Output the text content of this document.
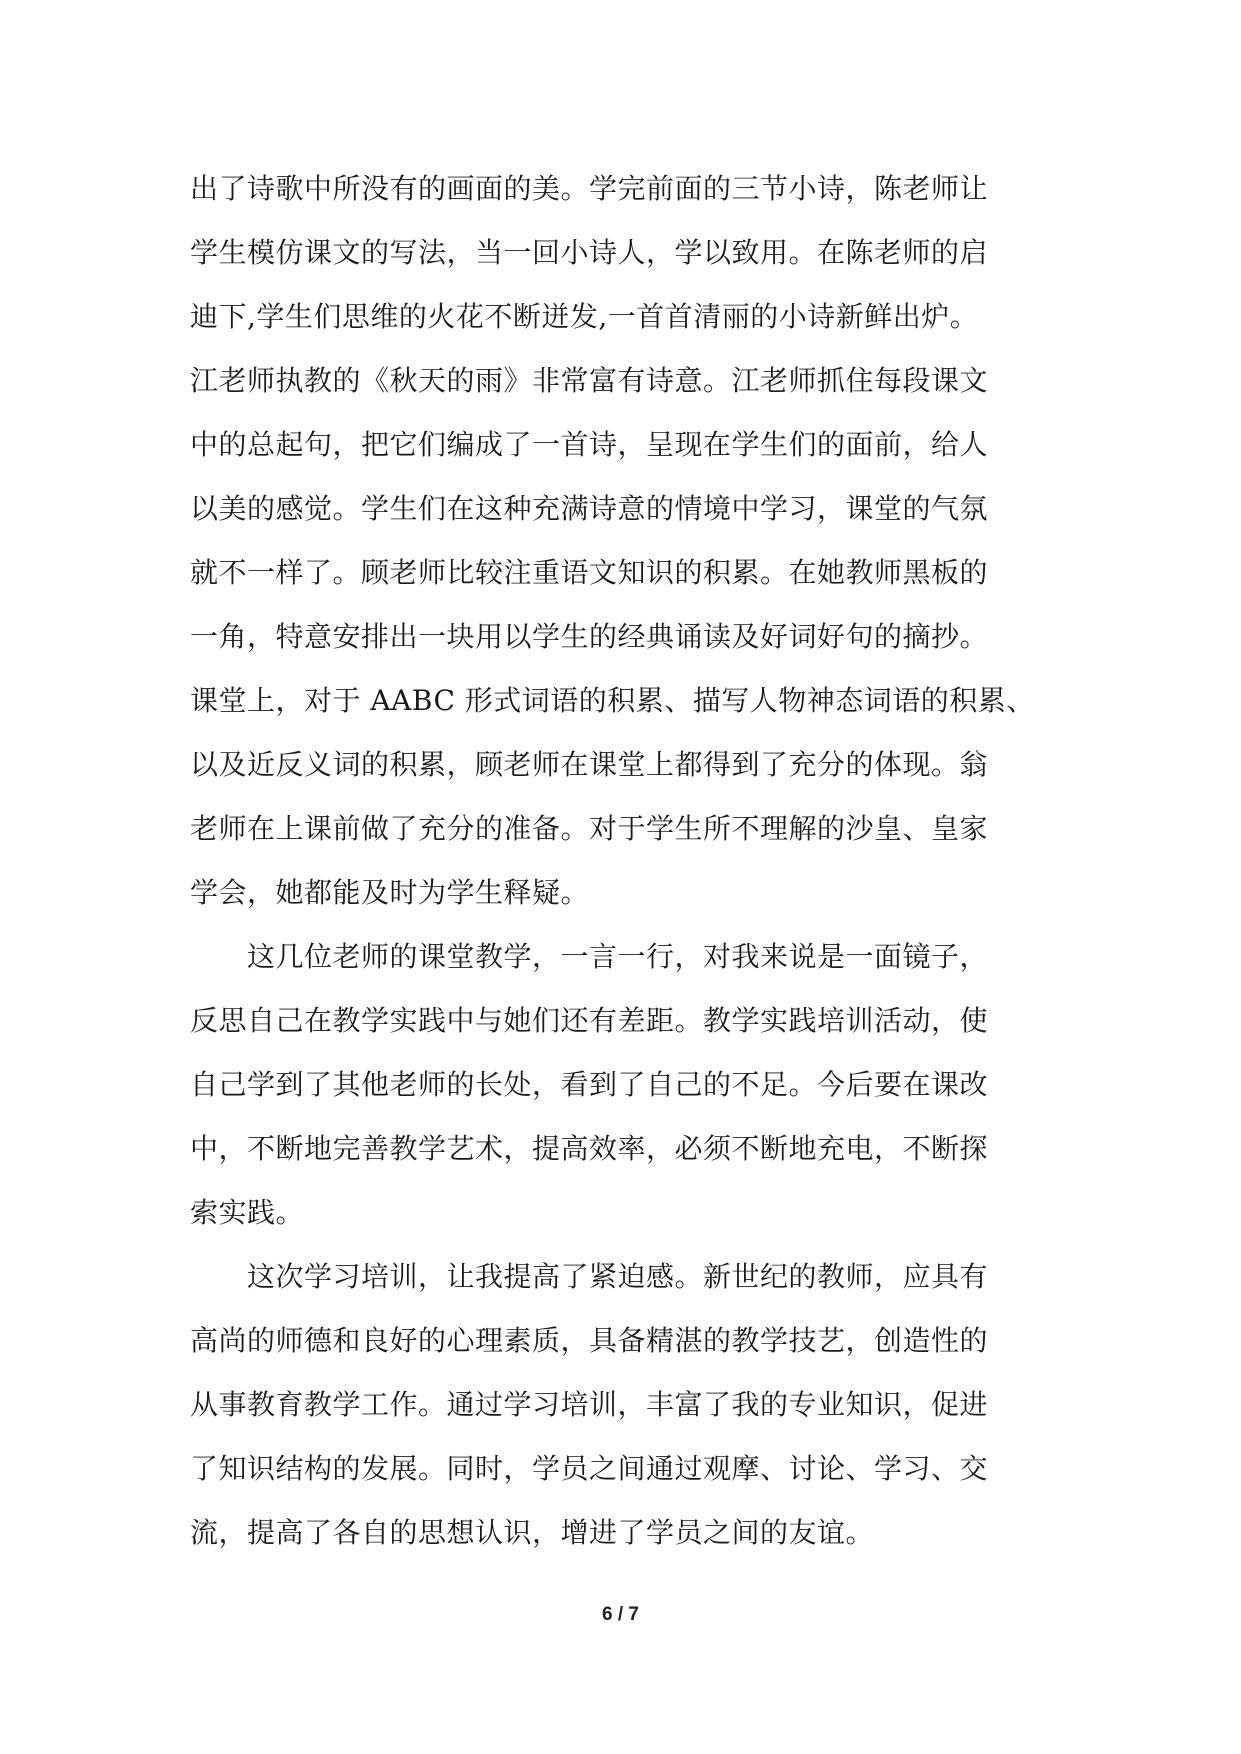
出了诗歌中所没有的画面的美。学完前面的三节小诗，陈老师让
学生模仿课文的写法，当一回小诗人，学以致用。在陈老师的启
迪下,学生们思维的火花不断迸发,一首首清丽的小诗新鲜出炉。
江老师执教的《秋天的雨》非常富有诗意。江老师抓住每段课文
中的总起句，把它们编成了一首诗，呈现在学生们的面前，给人
以美的感觉。学生们在这种充满诗意的情境中学习，课堂的气氛
就不一样了。顾老师比较注重语文知识的积累。在她教师黑板的
一角，特意安排出一块用以学生的经典诵读及好词好句的摘抄。
课堂上，对于 AABC 形式词语的积累、描写人物神态词语的积累、
以及近反义词的积累，顾老师在课堂上都得到了充分的体现。翁
老师在上课前做了充分的准备。对于学生所不理解的沙皇、皇家
学会，她都能及时为学生释疑。
　　这几位老师的课堂教学，一言一行，对我来说是一面镜子，
反思自己在教学实践中与她们还有差距。教学实践培训活动，使
自己学到了其他老师的长处，看到了自己的不足。今后要在课改
中，不断地完善教学艺术，提高效率，必须不断地充电，不断探
索实践。
　　这次学习培训，让我提高了紧迫感。新世纪的教师，应具有
高尚的师德和良好的心理素质，具备精湛的教学技艺，创造性的
从事教育教学工作。通过学习培训，丰富了我的专业知识，促进
了知识结构的发展。同时，学员之间通过观摩、讨论、学习、交
流，提高了各自的思想认识，增进了学员之间的友谊。
6 / 7
